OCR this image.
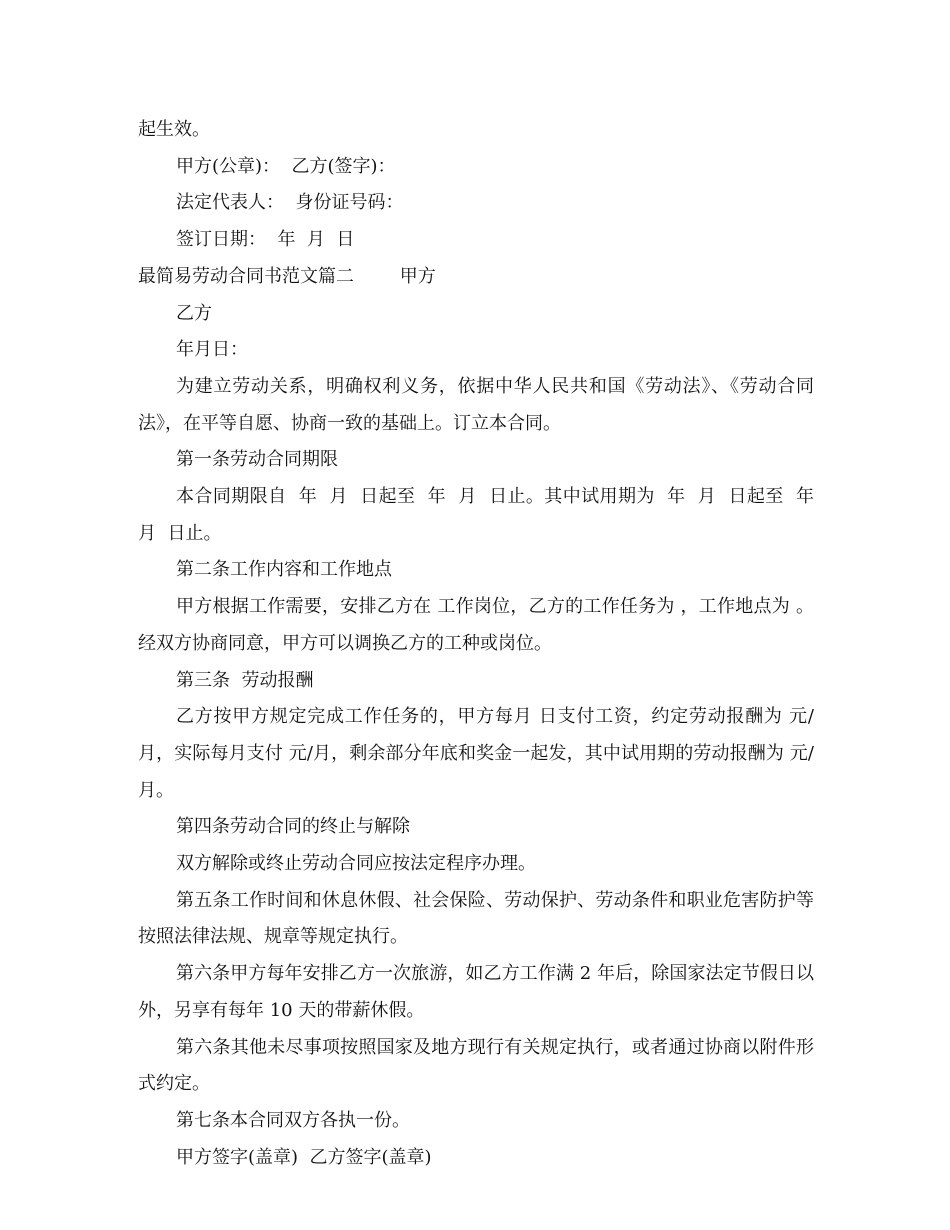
起生效。

甲方(公章)：  乙方(签字)：

法定代表人：  身份证号码：

签订日期：  年  月  日

最简易劳动合同书范文篇二        甲方

乙方

年月日：

为建立劳动关系，明确权利义务，依据中华人民共和国《劳动法》、《劳动合同法》，在平等自愿、协商一致的基础上。订立本合同。

第一条劳动合同期限

本合同期限自  年  月  日起至  年  月  日止。其中试用期为  年  月  日起至  年  月  日止。

第二条工作内容和工作地点

甲方根据工作需要，安排乙方在 工作岗位，乙方的工作任务为 ，工作地点为 。经双方协商同意，甲方可以调换乙方的工种或岗位。

第三条  劳动报酬

乙方按甲方规定完成工作任务的，甲方每月 日支付工资，约定劳动报酬为 元/月，实际每月支付 元/月，剩余部分年底和奖金一起发，其中试用期的劳动报酬为 元/月。

第四条劳动合同的终止与解除

双方解除或终止劳动合同应按法定程序办理。

第五条工作时间和休息休假、社会保险、劳动保护、劳动条件和职业危害防护等按照法律法规、规章等规定执行。

第六条甲方每年安排乙方一次旅游，如乙方工作满 2 年后，除国家法定节假日以外，另享有每年 10 天的带薪休假。

第六条其他未尽事项按照国家及地方现行有关规定执行，或者通过协商以附件形式约定。

第七条本合同双方各执一份。

甲方签字(盖章)  乙方签字(盖章)
